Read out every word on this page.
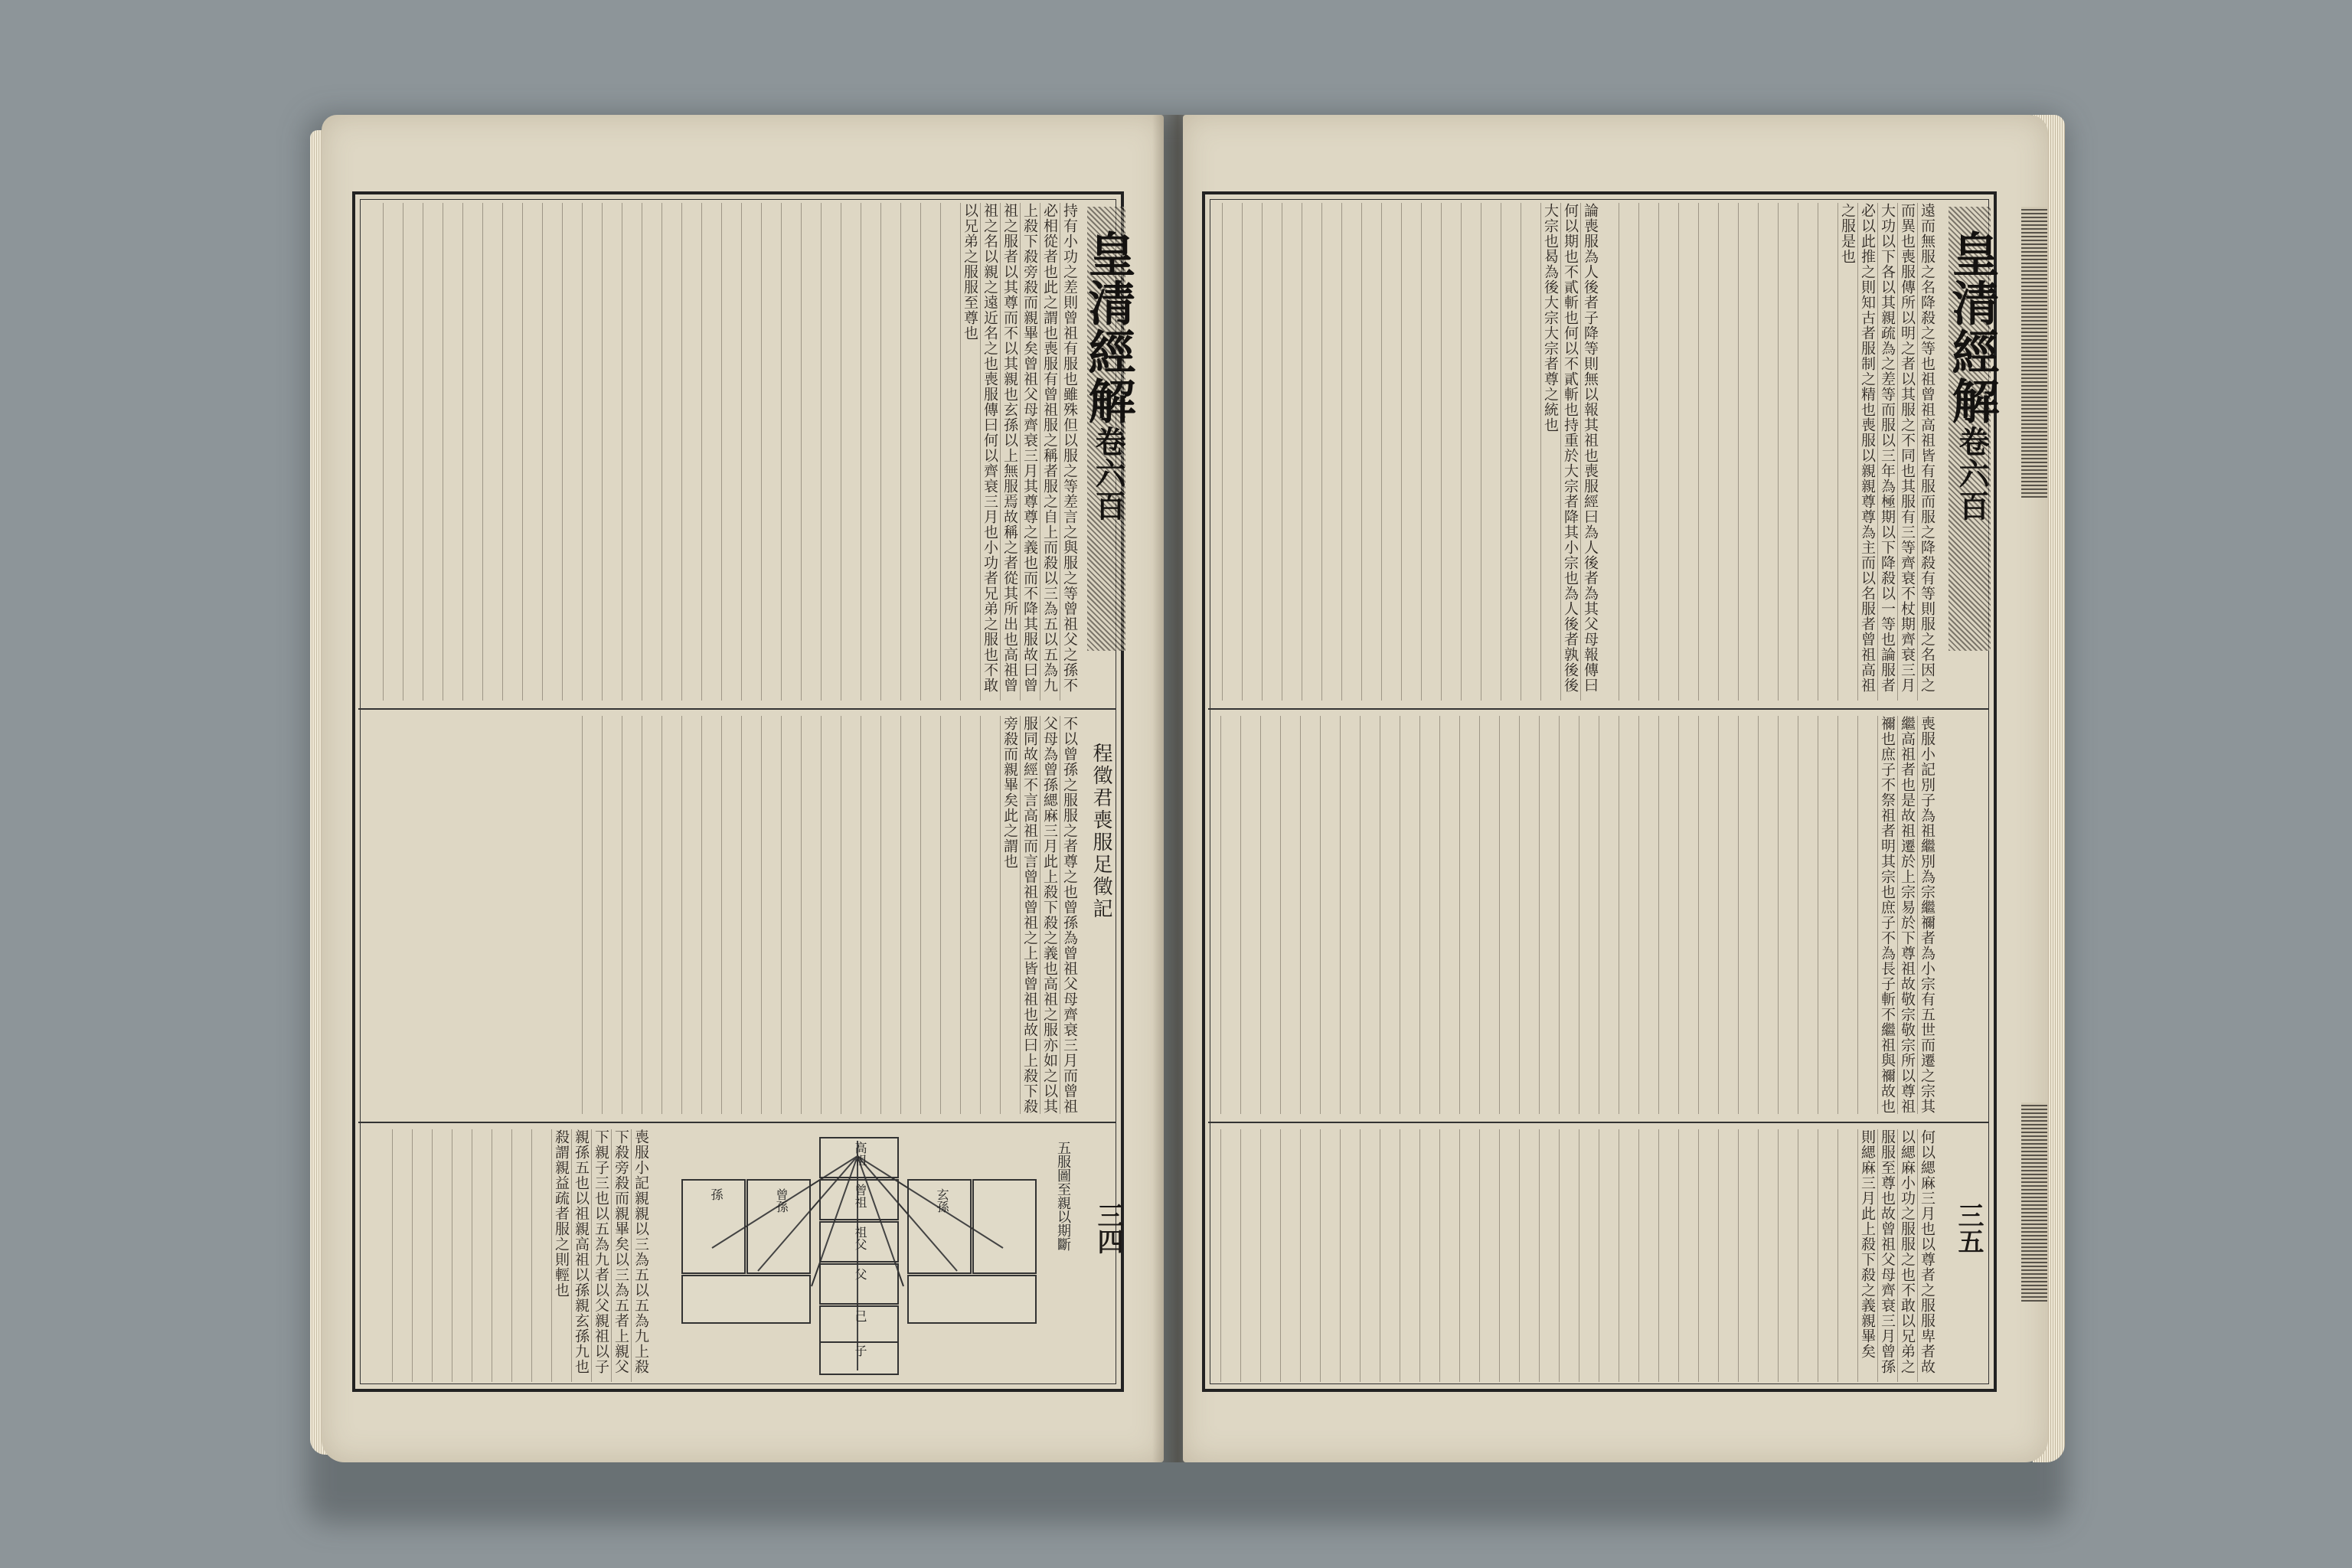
皇清經解卷六百
程徵君喪服足徵記
三四
持有小功之差則曾祖有服也雖殊但以服之等差言之與服之等曾祖父之孫不必相從者也此之謂也喪服有曾祖服之稱者服之自上而殺以三為五以五為九上殺下殺旁殺而親畢矣曾祖父母齊衰三月其尊尊之義也而不降其服故曰曾祖之服者以其尊而不以其親也玄孫以上無服焉故稱之者從其所出也高祖曾祖之名以親之遠近名之也喪服傳曰何以齊衰三月也小功者兄弟之服也不敢以兄弟之服服至尊也
不以曾孫之服服之者尊之也曾孫為曾祖父母齊衰三月而曾祖父母為曾孫緦麻三月此上殺下殺之義也高祖之服亦如之以其服同故經不言高祖而言曾祖曾祖之上皆曾祖也故曰上殺下殺旁殺而親畢矣此之謂也
喪服小記親親以三為五以五為九上殺下殺旁殺而親畢矣以三為五者上親父下親子三也以五為九者以父親祖以子親孫五也以祖親高祖以孫親玄孫九也殺謂親益疏者服之則輕也	五服圖至親以期斷
高祖
曾祖
祖父
父
己
子
孫	曾孫	玄孫
皇清經解卷六百
三五
遠而無服之名降殺之等也祖曾祖高祖皆有服而服之降殺有等則服之名因之而異也喪服傳所以明之者以其服之不同也其服有三等齊衰不杖期齊衰三月大功以下各以其親疏為之差等而服以三年為極期以下降殺以一等也論服者必以此推之則知古者服制之精也喪服以親親尊尊為主而以名服者曾祖高祖之服是也
論喪服為人後者子降等則無以報其祖也喪服經曰為人後者為其父母報傳曰何以期也不貳斬也何以不貳斬也持重於大宗者降其小宗也為人後者孰後後大宗也曷為後大宗大宗者尊之統也
喪服小記別子為祖繼別為宗繼禰者為小宗有五世而遷之宗其繼高祖者也是故祖遷於上宗易於下尊祖故敬宗敬宗所以尊祖禰也庶子不祭祖者明其宗也庶子不為長子斬不繼祖與禰故也
何以緦麻三月也以尊者之服服卑者故以緦麻小功之服服之也不敢以兄弟之服服至尊也故曾祖父母齊衰三月曾孫則緦麻三月此上殺下殺之義親畢矣
